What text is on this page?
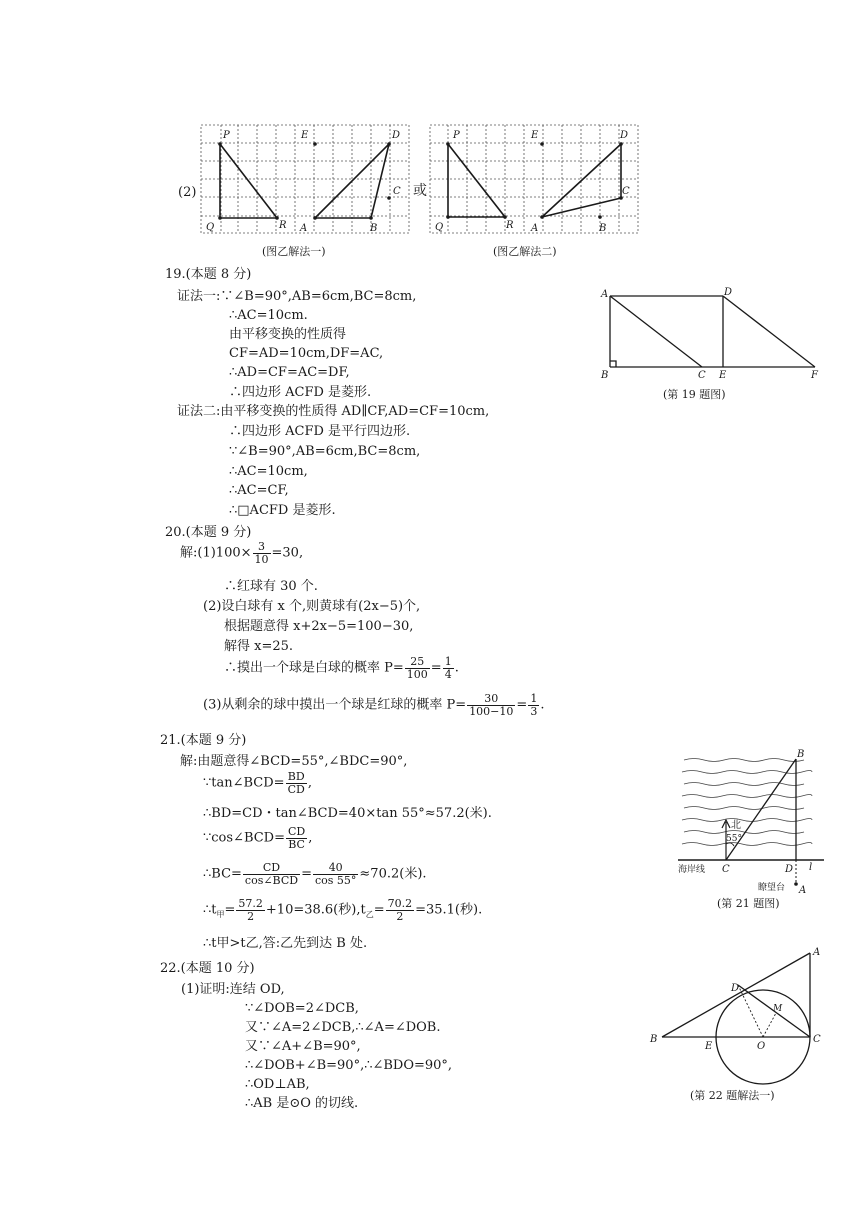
(2)
P	E	D
C
Q	R A	B
或
P	E	D
C
Q	R A	B
(图乙解法一)	(图乙解法二)
19.(本题 8 分)
证法一:∵∠B=90°,AB=6cm,BC=8cm,
∴AC=10cm.
由平移变换的性质得
CF=AD=10cm,DF=AC,
∴AD=CF=AC=DF,
∴四边形 ACFD 是菱形.
证法二:由平移变换的性质得 AD∥CF,AD=CF=10cm,
∴四边形 ACFD 是平行四边形.
∵∠B=90°,AB=6cm,BC=8cm,
∴AC=10cm,
∴AC=CF,
∴□ACFD 是菱形.
A	D
B	C E	F
(第 19 题图)
20.(本题 9 分)
解:(1)100× $\frac{3}{10} =30$,
∴红球有 30 个.
(2)设白球有 x 个,则黄球有(2x−5)个,
根据题意得 x+2x−5=100−30,
解得 x=25.
∴摸出一个球是白球的概率 $P= \frac{25}{100} = \frac{1}{4}$ .
(3)从剩余的球中摸出一个球是红球的概率 $P= \frac{30}{100-10} = \frac{1}{3}$ .
21.(本题 9 分)
解:由题意得∠BCD=55°,∠BDC=90°,
∵tan∠BCD= $\frac{BD}{CD}$ ,
∴BD=CD・tan∠BCD=40×tan 55°≈57.2(米).
∵cos∠BCD= $\frac{CD}{BC}$ ,
∴BC= $\frac{CD}{\text{cos∠BCD}} = \frac{40}{\cos 55^\circ} \approx 70.2$(米).
$\therefore t_甲= \frac{57.2}{2} +10=38.6$(秒)$,t_乙= \frac{70.2}{2} =35.1$(秒).
∴t甲>t乙,答:乙先到达 B 处.
B
北
55°
海岸线 C	D l
瞭望台 A
(第 21 题图)
22.(本题 10 分)
(1)证明:连结 OD,
∵∠DOB=2∠DCB,
又∵∠A=2∠DCB,∴∠A=∠DOB.
又∵∠A+∠B=90°,
∴∠DOB+∠B=90°,∴∠BDO=90°,
∴OD⊥AB,
∴AB 是⊙O 的切线.
A
D
M
B
E	O
C
(第 22 题解法一)
